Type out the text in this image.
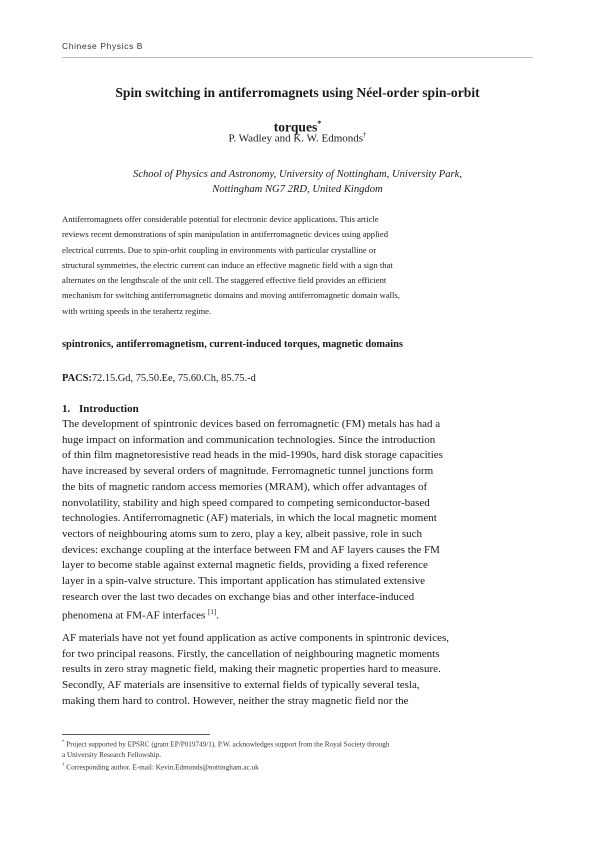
Chinese Physics B
Spin switching in antiferromagnets using Néel-order spin-orbit
torques*
P. Wadley and K. W. Edmonds†
School of Physics and Astronomy, University of Nottingham, University Park,
Nottingham NG7 2RD, United Kingdom
Antiferromagnets offer considerable potential for electronic device applications. This article
reviews recent demonstrations of spin manipulation in antiferromagnetic devices using applied
electrical currents. Due to spin-orbit coupling in environments with particular crystalline or
structural symmetries, the electric current can induce an effective magnetic field with a sign that
alternates on the lengthscale of the unit cell. The staggered effective field provides an efficient
mechanism for switching antiferromagnetic domains and moving antiferromagnetic domain walls,
with writing speeds in the terahertz regime.
spintronics, antiferromagnetism, current-induced torques, magnetic domains
PACS:72.15.Gd, 75.50.Ee, 75.60.Ch, 85.75.-d
1. Introduction
The development of spintronic devices based on ferromagnetic (FM) metals has had a
huge impact on information and communication technologies. Since the introduction
of thin film magnetoresistive read heads in the mid-1990s, hard disk storage capacities
have increased by several orders of magnitude. Ferromagnetic tunnel junctions form
the bits of magnetic random access memories (MRAM), which offer advantages of
nonvolatility, stability and high speed compared to competing semiconductor-based
technologies. Antiferromagnetic (AF) materials, in which the local magnetic moment
vectors of neighbouring atoms sum to zero, play a key, albeit passive, role in such
devices: exchange coupling at the interface between FM and AF layers causes the FM
layer to become stable against external magnetic fields, providing a fixed reference
layer in a spin-valve structure. This important application has stimulated extensive
research over the last two decades on exchange bias and other interface-induced
phenomena at FM-AF interfaces [1].
AF materials have not yet found application as active components in spintronic devices,
for two principal reasons. Firstly, the cancellation of neighbouring magnetic moments
results in zero stray magnetic field, making their magnetic properties hard to measure.
Secondly, AF materials are insensitive to external fields of typically several tesla,
making them hard to control. However, neither the stray magnetic field nor the
* Project supported by EPSRC (grant EP/P019749/1). P.W. acknowledges support from the Royal Society through
a University Research Fellowship.
† Corresponding author. E-mail: Kevin.Edmonds@nottingham.ac.uk
